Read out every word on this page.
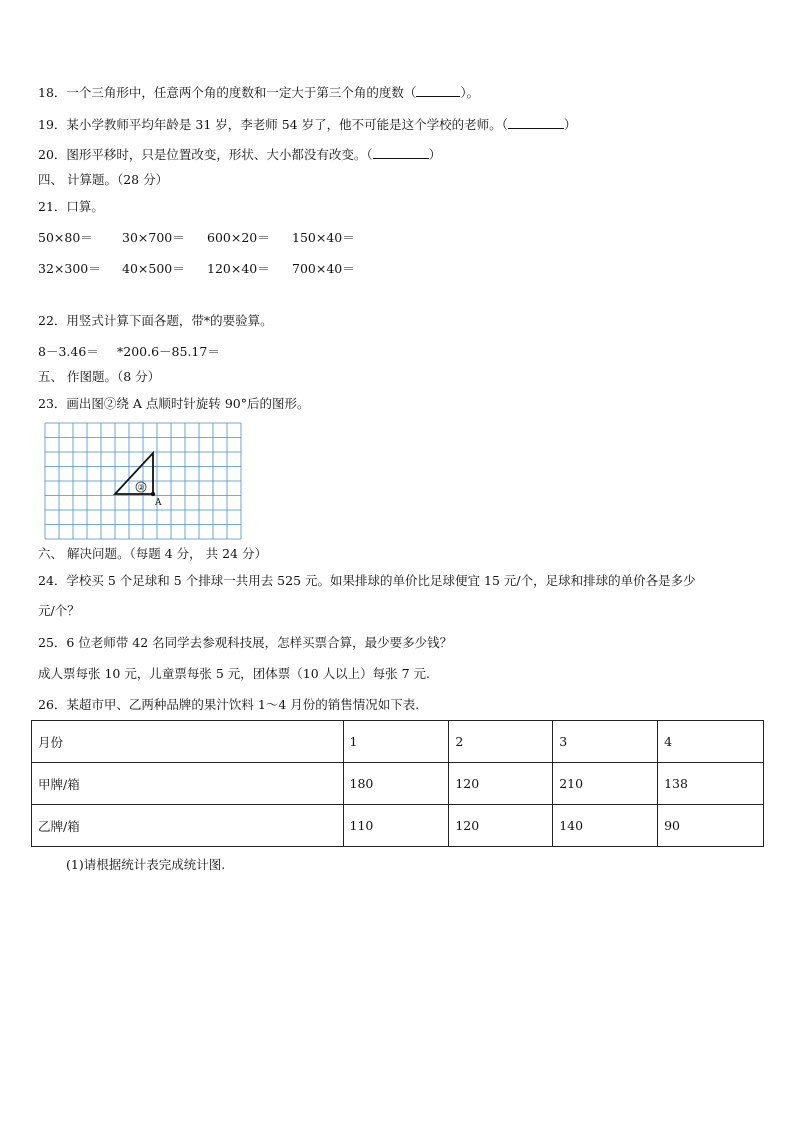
18．一个三角形中，任意两个角的度数和一定大于第三个角的度数（	）。
19．某小学教师平均年龄是 31 岁，李老师 54 岁了，他不可能是这个学校的老师。（	）
20．图形平移时，只是位置改变，形状、大小都没有改变。（	）
四、 计算题。（28 分）
21．口算。
50×80＝ 30×700＝ 600×20＝ 150×40＝
32×300＝ 40×500＝ 120×40＝ 700×40＝
22．用竖式计算下面各题，带*的要验算。
8－3.46＝ *200.6－85.17＝
五、 作图题。（8 分）
23．画出图②绕 A 点顺时针旋转 90°后的图形。
②
A
六、 解决问题。（每题 4 分， 共 24 分）
24．学校买 5 个足球和 5 个排球一共用去 525 元。如果排球的单价比足球便宜 15 元/个，足球和排球的单价各是多少
元/个？
25．6 位老师带 42 名同学去参观科技展，怎样买票合算，最少要多少钱？
成人票每张 10 元，儿童票每张 5 元，团体票（10 人以上）每张 7 元.
26．某超市甲、乙两种品牌的果汁饮料 1～4 月份的销售情况如下表.
月份	1	2	3	4
甲牌/箱	180	120	210	138
乙牌/箱	110	120	140	90
(1)请根据统计表完成统计图.
